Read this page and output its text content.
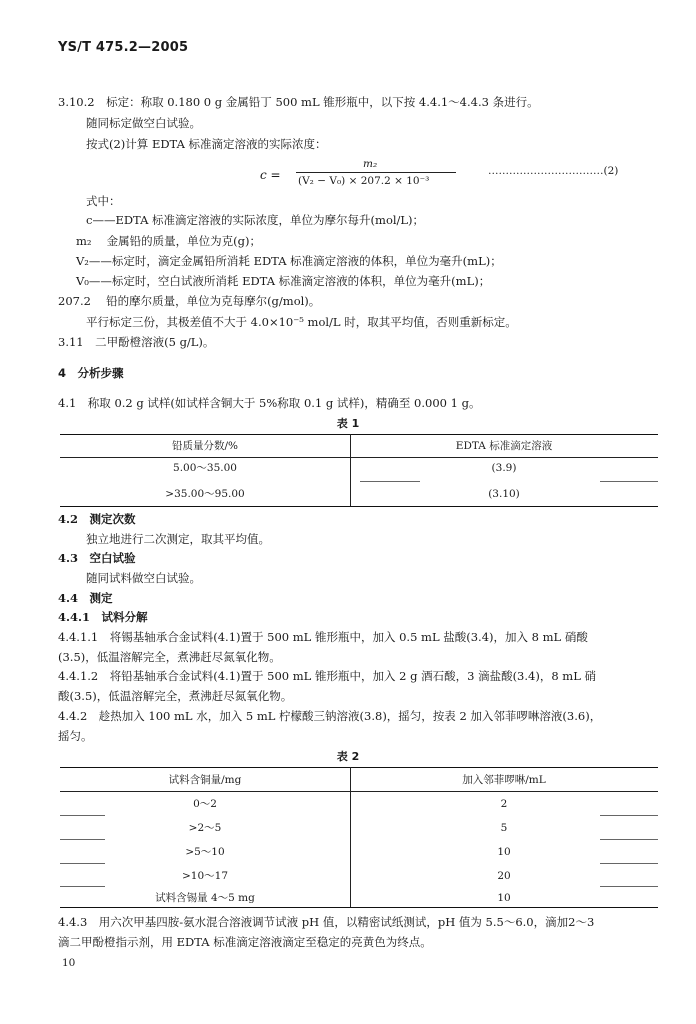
YS/T 475.2—2005
3.10.2　标定：称取 0.180 0 g 金属铅丁 500 mL 锥形瓶中，以下按 4.4.1～4.4.3 条进行。
随同标定做空白试验。
按式(2)计算 EDTA 标准滴定溶液的实际浓度：
c =
m₂
(V₂ − V₀) × 207.2 × 10⁻³
……………………………(2)
式中：
c——EDTA 标准滴定溶液的实际浓度，单位为摩尔每升(mol/L)；
m₂　 金属铅的质量，单位为克(g)；
V₂——标定时，滴定金属铅所消耗 EDTA 标准滴定溶液的体积，单位为毫升(mL)；
V₀——标定时，空白试液所消耗 EDTA 标准滴定溶液的体积，单位为毫升(mL)；
207.2　 铅的摩尔质量，单位为克每摩尔(g/mol)。
平行标定三份，其极差值不大于 4.0×10⁻⁵ mol/L 时，取其平均值，否则重新标定。
3.11　二甲酚橙溶液(5 g/L)。
4　分析步骤
4.1　称取 0.2 g 试样(如试样含铜大于 5%称取 0.1 g 试样)，精确至 0.000 1 g。
表 1
铅质量分数/%	EDTA 标准滴定溶液
5.00～35.00	(3.9)
>35.00～95.00	(3.10)
4.2　测定次数
独立地进行二次测定，取其平均值。
4.3　空白试验
随同试料做空白试验。
4.4　测定
4.4.1　试料分解
4.4.1.1　将锡基轴承合金试料(4.1)置于 500 mL 锥形瓶中，加入 0.5 mL 盐酸(3.4)，加入 8 mL 硝酸
(3.5)，低温溶解完全，煮沸赶尽氮氧化物。
4.4.1.2　将铅基轴承合金试料(4.1)置于 500 mL 锥形瓶中，加入 2 g 酒石酸，3 滴盐酸(3.4)，8 mL 硝
酸(3.5)，低温溶解完全，煮沸赶尽氮氧化物。
4.4.2　趁热加入 100 mL 水，加入 5 mL 柠檬酸三钠溶液(3.8)，摇匀，按表 2 加入邻菲啰啉溶液(3.6)，
摇匀。
表 2
试料含铜量/mg	加入邻菲啰啉/mL
0～2	2
>2～5	5
>5～10	10
>10～17	20
试料含锡量 4～5 mg	10
4.4.3　用六次甲基四胺-氨水混合溶液调节试液 pH 值，以精密试纸测试，pH 值为 5.5～6.0，滴加2～3
滴二甲酚橙指示剂，用 EDTA 标准滴定溶液滴定至稳定的亮黄色为终点。
10
